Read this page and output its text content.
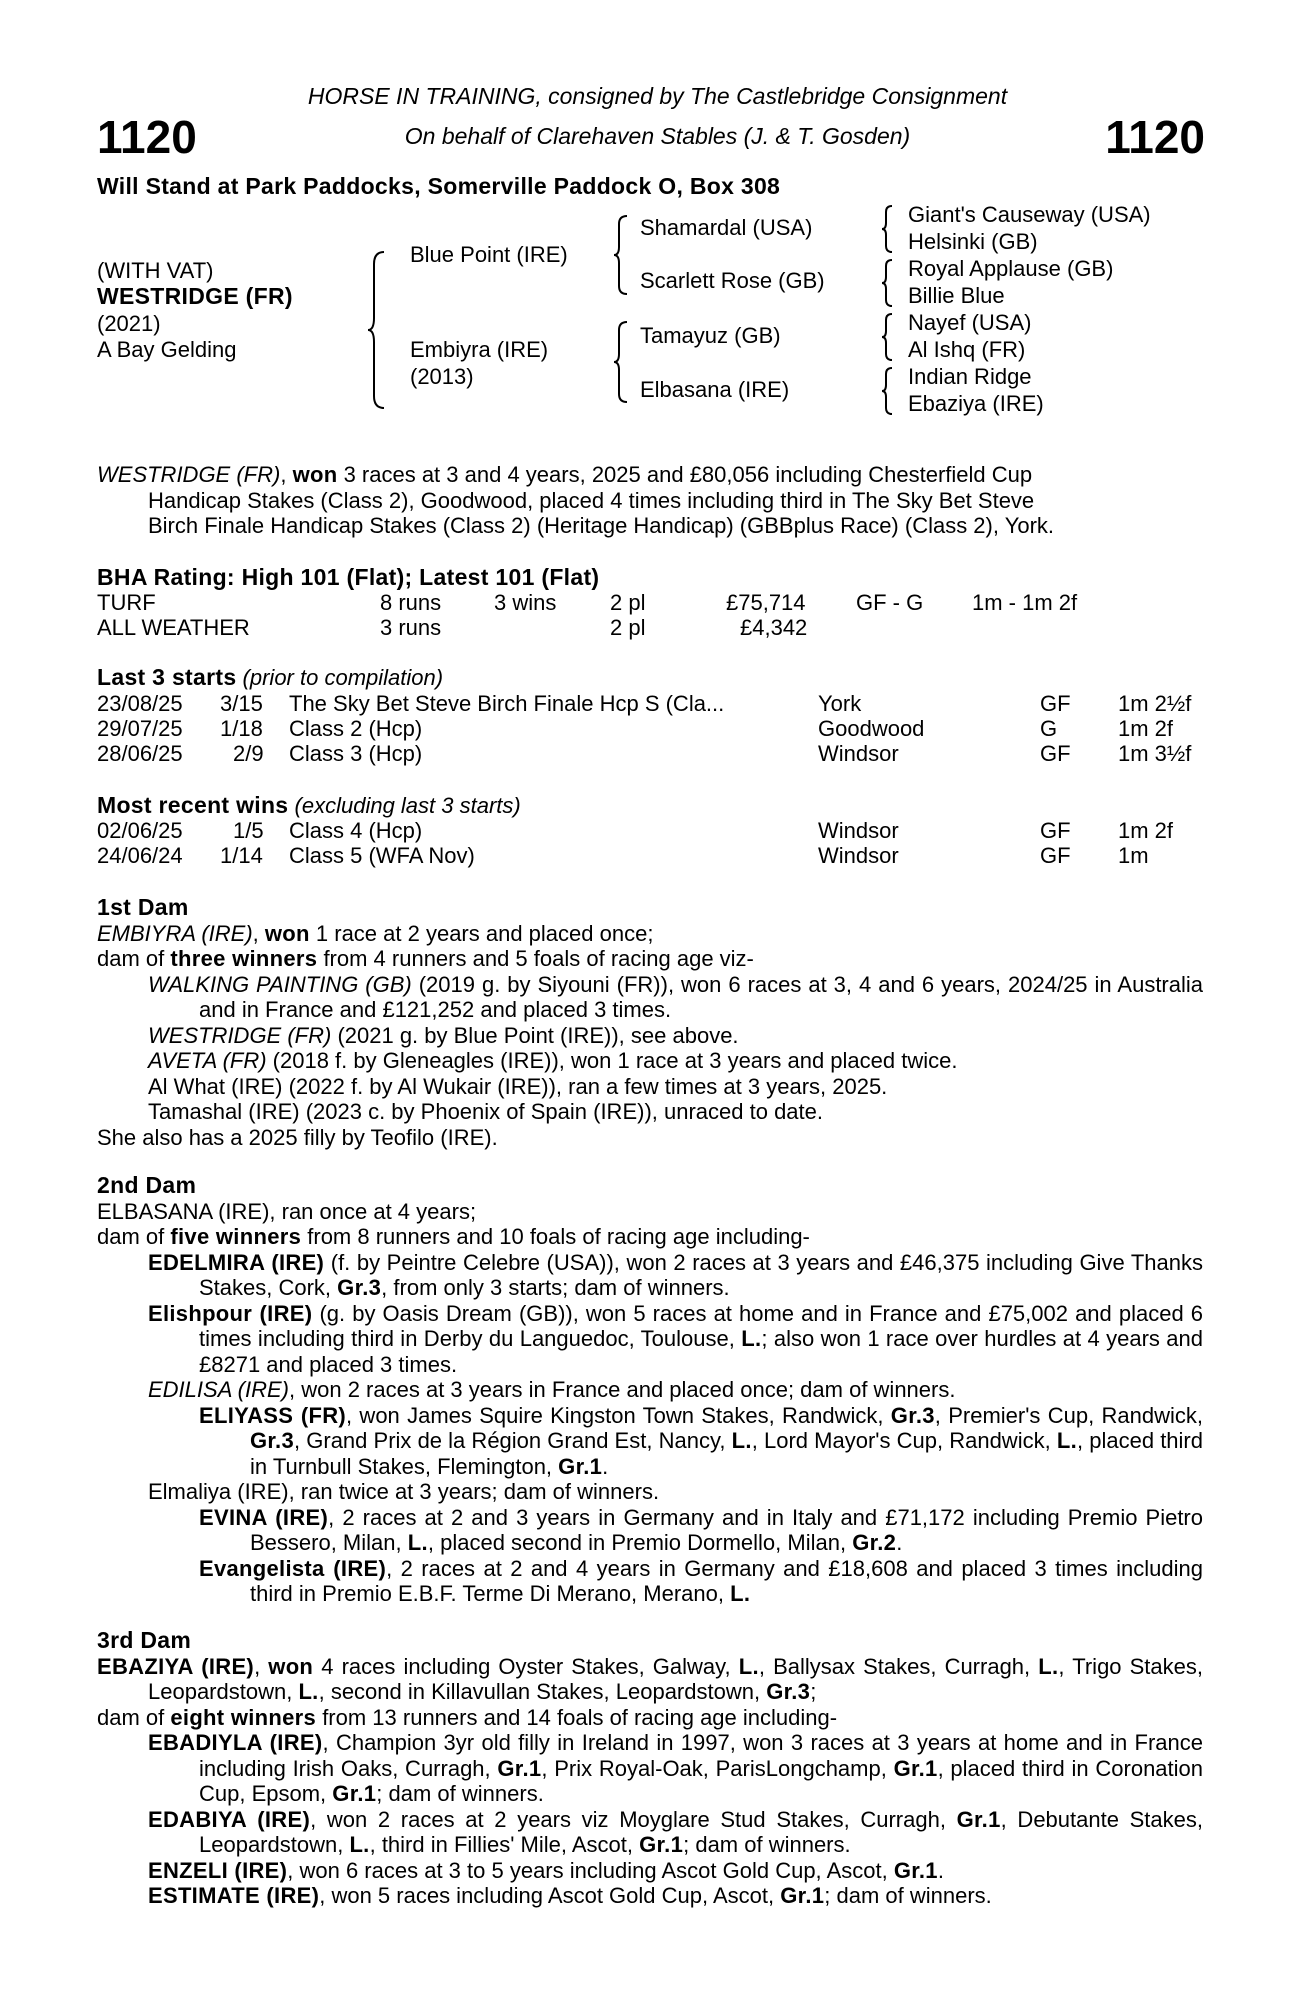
1120	1120
HORSE IN TRAINING, consigned by The Castlebridge Consignment
On behalf of Clarehaven Stables (J. & T. Gosden)
Will Stand at Park Paddocks, Somerville Paddock O, Box 308
(WITH VAT)
WESTRIDGE (FR)
(2021)
A Bay Gelding
Blue Point (IRE)
Embiyra (IRE)
(2013)
Shamardal (USA)
Scarlett Rose (GB)
Tamayuz (GB)
Elbasana (IRE)
Giant's Causeway (USA)
Helsinki (GB)
Royal Applause (GB)
Billie Blue
Nayef (USA)
Al Ishq (FR)
Indian Ridge
Ebaziya (IRE)

WESTRIDGE (FR), won 3 races at 3 and 4 years, 2025 and £80,056 including Chesterfield Cup

Handicap Stakes (Class 2), Goodwood, placed 4 times including third in The Sky Bet Steve

Birch Finale Handicap Stakes (Class 2) (Heritage Handicap) (GBBplus Race) (Class 2), York.

BHA Rating: High 101 (Flat); Latest 101 (Flat)
TURF	8 runs 3 wins 2 pl	£75,714 GF - G 1m - 1m 2f
ALL WEATHER	3 runs	2 pl	£4,342
Last 3 starts (prior to compilation)
23/08/25 3/15 The Sky Bet Steve Birch Finale Hcp S (Cla...	York	GF 1m 2½f
29/07/25 1/18 Class 2 (Hcp)	Goodwood	G	1m 2f
28/06/25 2/9 Class 3 (Hcp)	Windsor	GF 1m 3½f
Most recent wins (excluding last 3 starts)
02/06/25 1/5 Class 4 (Hcp)	Windsor	GF 1m 2f
24/06/24 1/14 Class 5 (WFA Nov)	Windsor	GF 1m

1st Dam

EMBIYRA (IRE), won 1 race at 2 years and placed once;

dam of three winners from 4 runners and 5 foals of racing age viz-

WALKING PAINTING (GB) (2019 g. by Siyouni (FR)), won 6 races at 3, 4 and 6 years, 2024/25 in Australia and in France and £121,252 and placed 3 times.

WESTRIDGE (FR) (2021 g. by Blue Point (IRE)), see above.

AVETA (FR) (2018 f. by Gleneagles (IRE)), won 1 race at 3 years and placed twice.

Al What (IRE) (2022 f. by Al Wukair (IRE)), ran a few times at 3 years, 2025.

Tamashal (IRE) (2023 c. by Phoenix of Spain (IRE)), unraced to date.

She also has a 2025 filly by Teofilo (IRE).

2nd Dam

ELBASANA (IRE), ran once at 4 years;

dam of five winners from 8 runners and 10 foals of racing age including-

EDELMIRA (IRE) (f. by Peintre Celebre (USA)), won 2 races at 3 years and £46,375 including Give Thanks Stakes, Cork, Gr.3, from only 3 starts; dam of winners.

Elishpour (IRE) (g. by Oasis Dream (GB)), won 5 races at home and in France and £75,002 and placed 6 times including third in Derby du Languedoc, Toulouse, L.; also won 1 race over hurdles at 4 years and £8271 and placed 3 times.

EDILISA (IRE), won 2 races at 3 years in France and placed once; dam of winners.

ELIYASS (FR), won James Squire Kingston Town Stakes, Randwick, Gr.3, Premier's Cup, Randwick, Gr.3, Grand Prix de la Région Grand Est, Nancy, L., Lord Mayor's Cup, Randwick, L., placed third in Turnbull Stakes, Flemington, Gr.1.

Elmaliya (IRE), ran twice at 3 years; dam of winners.

EVINA (IRE), 2 races at 2 and 3 years in Germany and in Italy and £71,172 including Premio Pietro Bessero, Milan, L., placed second in Premio Dormello, Milan, Gr.2.

Evangelista (IRE), 2 races at 2 and 4 years in Germany and £18,608 and placed 3 times including third in Premio E.B.F. Terme Di Merano, Merano, L.

3rd Dam

EBAZIYA (IRE), won 4 races including Oyster Stakes, Galway, L., Ballysax Stakes, Curragh, L., Trigo Stakes, Leopardstown, L., second in Killavullan Stakes, Leopardstown, Gr.3;

dam of eight winners from 13 runners and 14 foals of racing age including-

EBADIYLA (IRE), Champion 3yr old filly in Ireland in 1997, won 3 races at 3 years at home and in France including Irish Oaks, Curragh, Gr.1, Prix Royal-Oak, ParisLongchamp, Gr.1, placed third in Coronation Cup, Epsom, Gr.1; dam of winners.

EDABIYA (IRE), won 2 races at 2 years viz Moyglare Stud Stakes, Curragh, Gr.1, Debutante Stakes, Leopardstown, L., third in Fillies' Mile, Ascot, Gr.1; dam of winners.

ENZELI (IRE), won 6 races at 3 to 5 years including Ascot Gold Cup, Ascot, Gr.1.

ESTIMATE (IRE), won 5 races including Ascot Gold Cup, Ascot, Gr.1; dam of winners.
